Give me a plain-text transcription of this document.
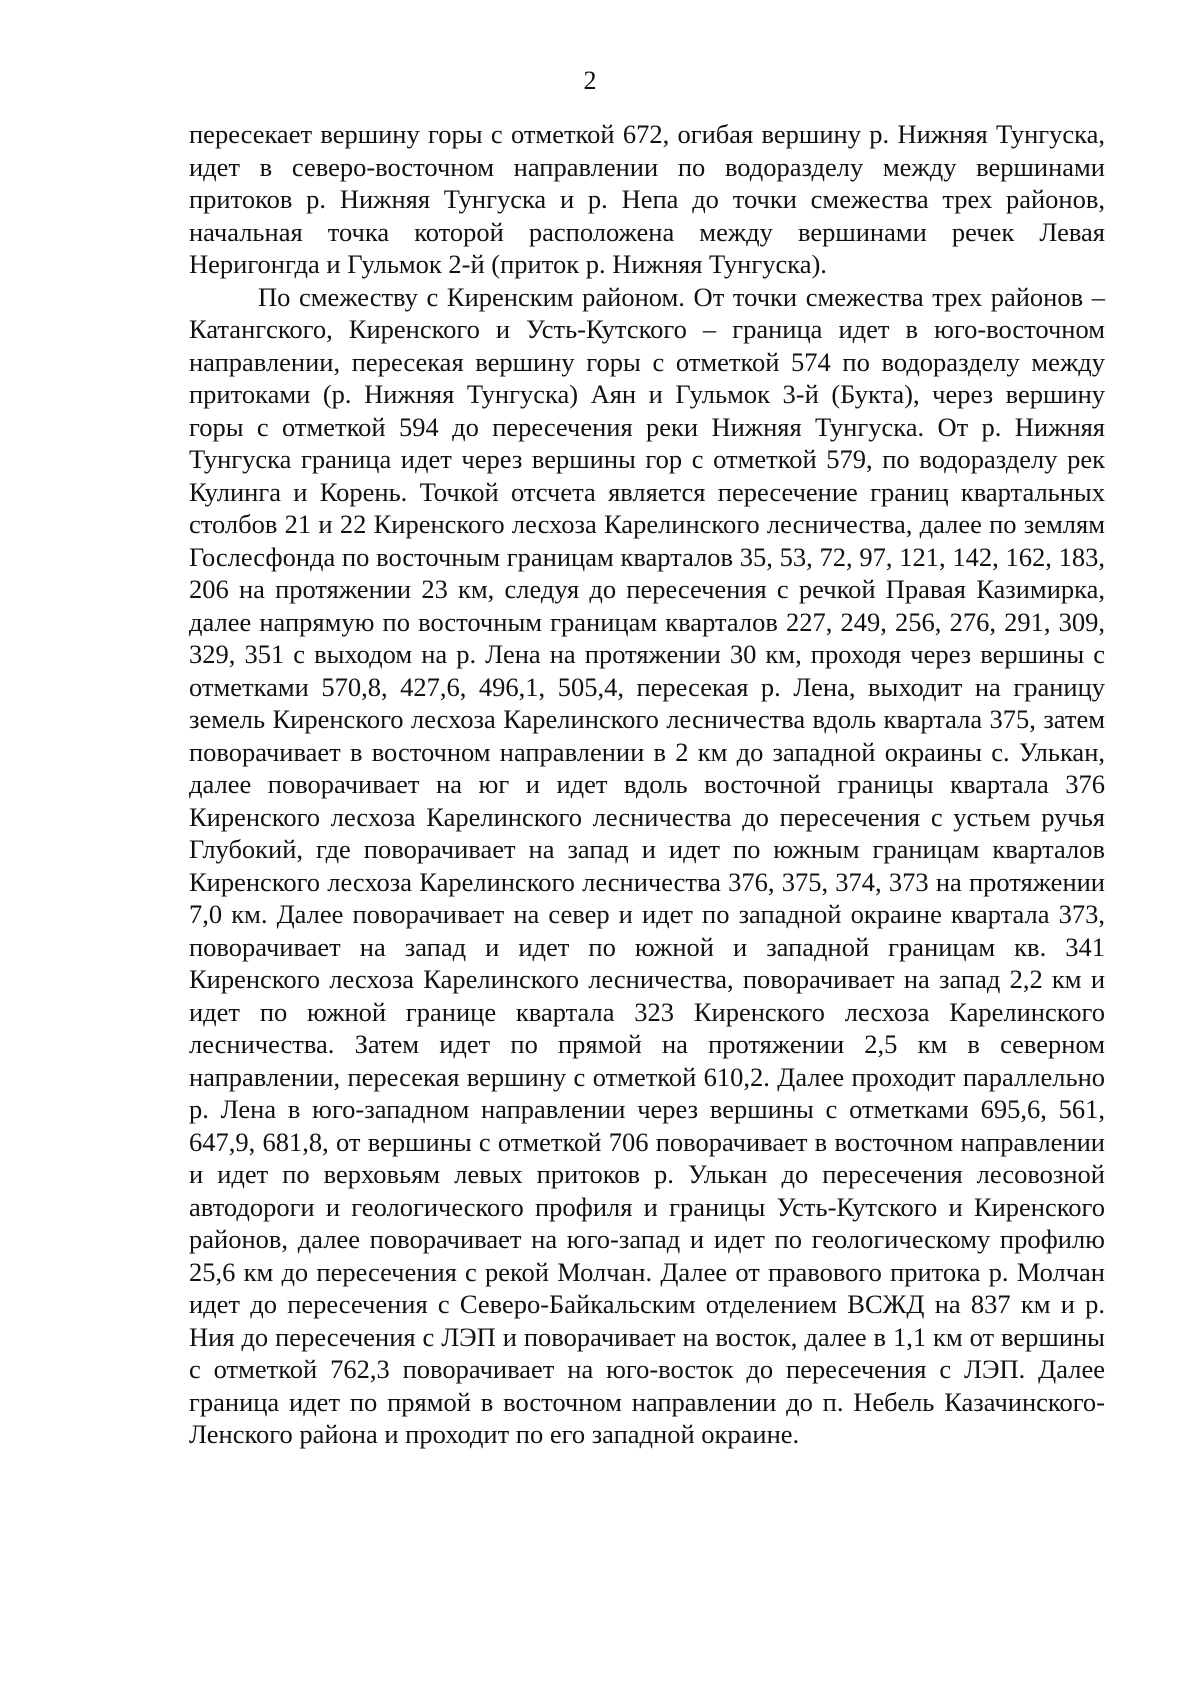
2

пересекает вершину горы с отметкой 672, огибая вершину р. Нижняя Тунгуска, идет в северо-восточном направлении по водоразделу между вершинами притоков р. Нижняя Тунгуска и р. Непа до точки смежества трех районов, начальная точка которой расположена между вершинами речек Левая Неригонгда и Гульмок 2-й (приток р. Нижняя Тунгуска).

По смежеству с Киренским районом. От точки смежества трех районов – Катангского, Киренского и Усть-Кутского – граница идет в юго-восточном направлении, пересекая вершину горы с отметкой 574 по водоразделу между притоками (р. Нижняя Тунгуска) Аян и Гульмок 3-й (Букта), через вершину горы с отметкой 594 до пересечения реки Нижняя Тунгуска. От р. Нижняя Тунгуска граница идет через вершины гор с отметкой 579, по водоразделу рек Кулинга и Корень. Точкой отсчета является пересечение границ квартальных столбов 21 и 22 Киренского лесхоза Карелинского лесничества, далее по землям Гослесфонда по восточным границам кварталов 35, 53, 72, 97, 121, 142, 162, 183, 206 на протяжении 23 км, следуя до пересечения с речкой Правая Казимирка, далее напрямую по восточным границам кварталов 227, 249, 256, 276, 291, 309, 329, 351 с выходом на р. Лена на протяжении 30 км, проходя через вершины с отметками 570,8, 427,6, 496,1, 505,4, пересекая р. Лена, выходит на границу земель Киренского лесхоза Карелинского лесничества вдоль квартала 375, затем поворачивает в восточном направлении в 2 км до западной окраины с. Улькан, далее поворачивает на юг и идет вдоль восточной границы квартала 376 Киренского лесхоза Карелинского лесничества до пересечения с устьем ручья Глубокий, где поворачивает на запад и идет по южным границам кварталов Киренского лесхоза Карелинского лесничества 376, 375, 374, 373 на протяжении 7,0 км. Далее поворачивает на север и идет по западной окраине квартала 373, поворачивает на запад и идет по южной и западной границам кв. 341 Киренского лесхоза Карелинского лесничества, поворачивает на запад 2,2 км и идет по южной границе квартала 323 Киренского лесхоза Карелинского лесничества. Затем идет по прямой на протяжении 2,5 км в северном направлении, пересекая вершину с отметкой 610,2. Далее проходит параллельно р. Лена в юго-западном направлении через вершины с отметками 695,6, 561, 647,9, 681,8, от вершины с отметкой 706 поворачивает в восточном направлении и идет по верховьям левых притоков р. Улькан до пересечения лесовозной автодороги и геологического профиля и границы Усть-Кутского и Киренского районов, далее поворачивает на юго-запад и идет по геологическому профилю 25,6 км до пересечения с рекой Молчан. Далее от правового притока р. Молчан идет до пересечения с Северо-Байкальским отделением ВСЖД на 837 км и р. Ния до пересечения с ЛЭП и поворачивает на восток, далее в 1,1 км от вершины с отметкой 762,3 поворачивает на юго-восток до пересечения с ЛЭП. Далее граница идет по прямой в восточном направлении до п. Небель Казачинского-Ленского района и проходит по его западной окраине.
